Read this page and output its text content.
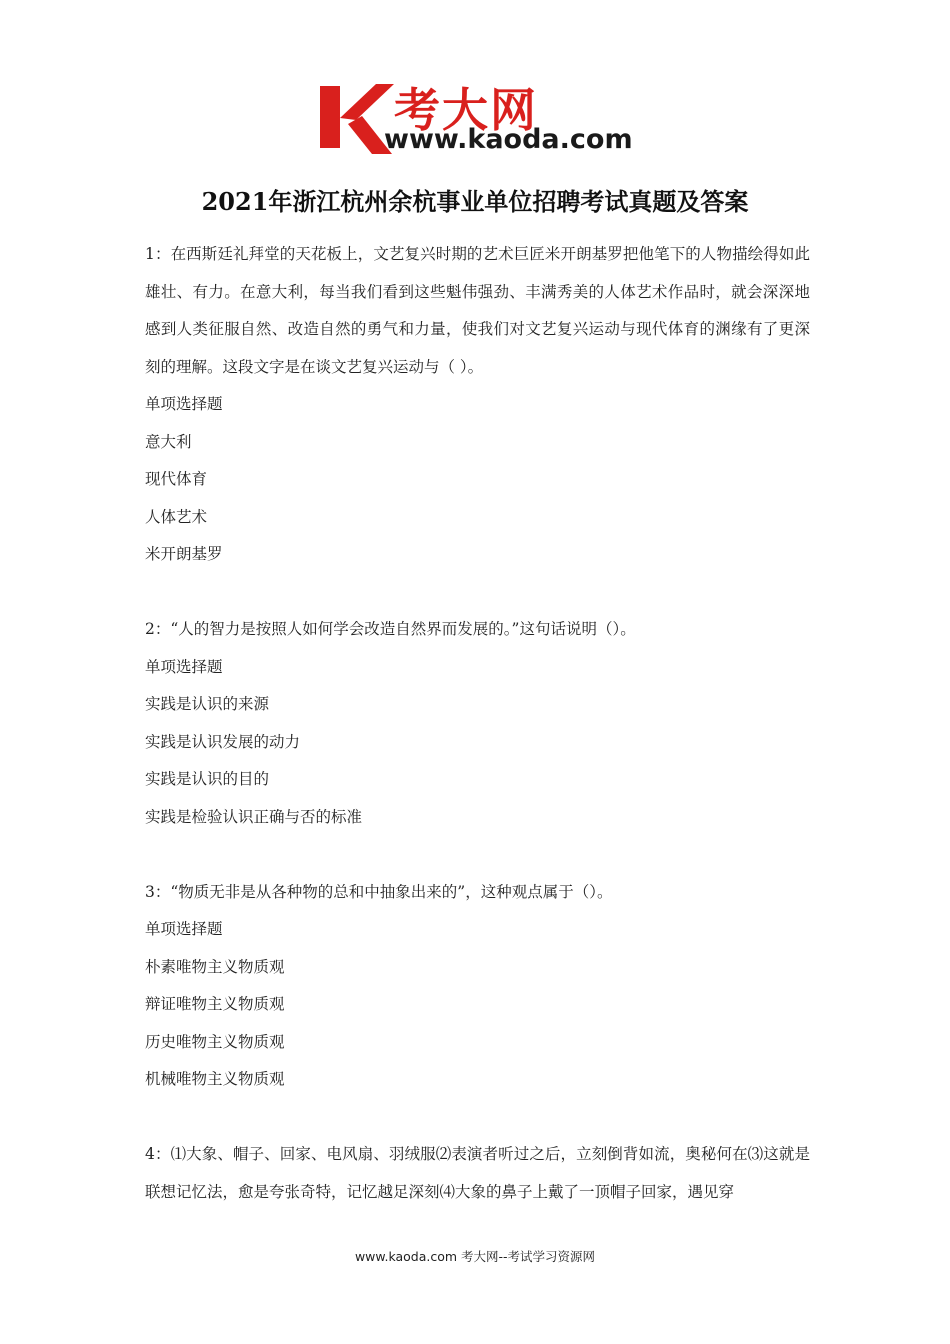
考大网
www.kaoda.com
2021年浙江杭州余杭事业单位招聘考试真题及答案

1：在西斯廷礼拜堂的天花板上，文艺复兴时期的艺术巨匠米开朗基罗把他笔下的人物描绘得如此雄壮、有力。在意大利，每当我们看到这些魁伟强劲、丰满秀美的人体艺术作品时，就会深深地感到人类征服自然、改造自然的勇气和力量，使我们对文艺复兴运动与现代体育的渊缘有了更深刻的理解。这段文字是在谈文艺复兴运动与（ ）。

单项选择题

意大利

现代体育

人体艺术

米开朗基罗

2：“人的智力是按照人如何学会改造自然界而发展的。”这句话说明（）。

单项选择题

实践是认识的来源

实践是认识发展的动力

实践是认识的目的

实践是检验认识正确与否的标准

3：“物质无非是从各种物的总和中抽象出来的”，这种观点属于（）。

单项选择题

朴素唯物主义物质观

辩证唯物主义物质观

历史唯物主义物质观

机械唯物主义物质观

4：⑴大象、帽子、回家、电风扇、羽绒服⑵表演者听过之后，立刻倒背如流，奥秘何在⑶这就是联想记忆法，愈是夸张奇特，记忆越足深刻⑷大象的鼻子上戴了一顶帽子回家，遇见穿

www.kaoda.com 考大网--考试学习资源网
